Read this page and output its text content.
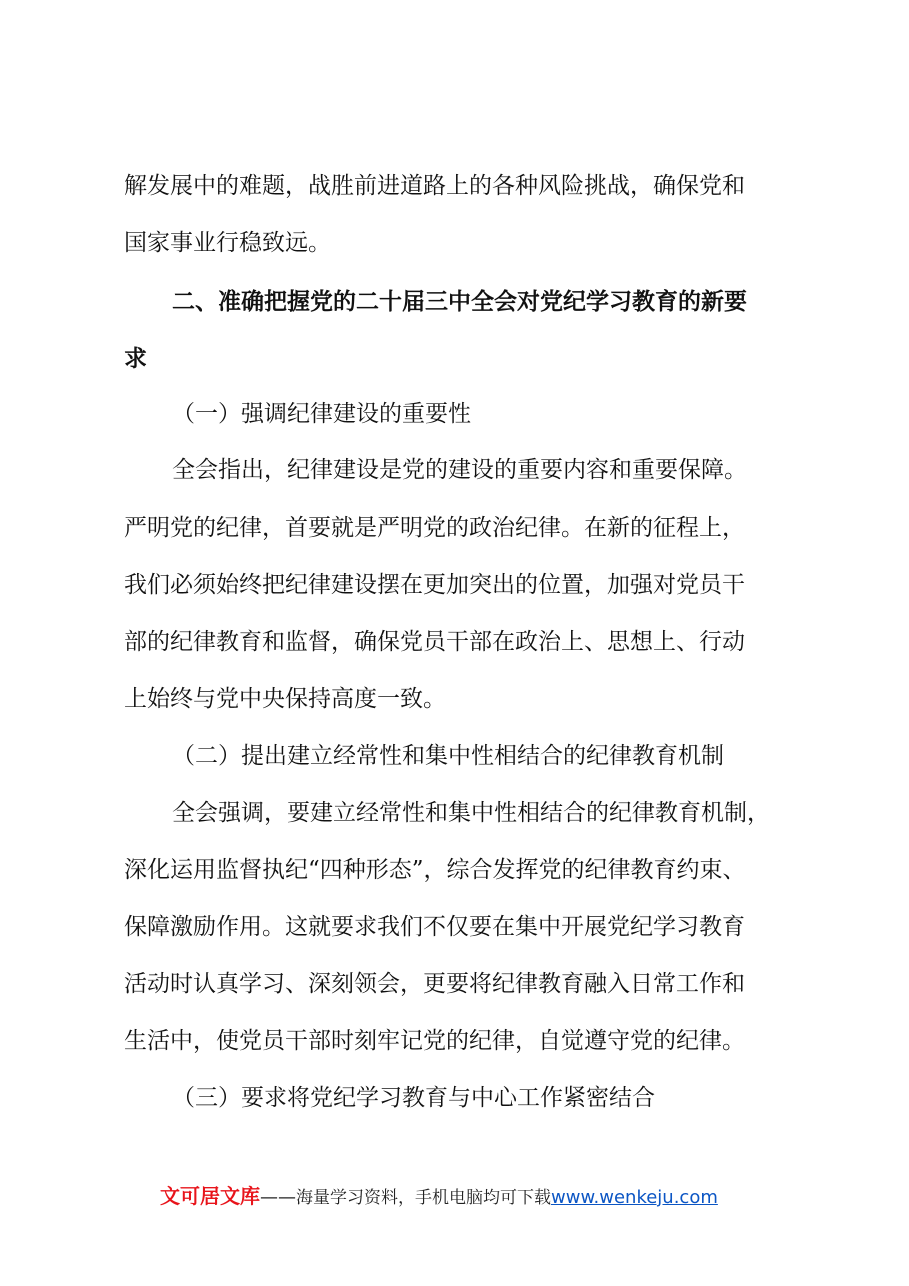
解发展中的难题，战胜前进道路上的各种风险挑战，确保党和
国家事业行稳致远。
二、准确把握党的二十届三中全会对党纪学习教育的新要
求
（一）强调纪律建设的重要性
全会指出，纪律建设是党的建设的重要内容和重要保障。
严明党的纪律，首要就是严明党的政治纪律。在新的征程上，
我们必须始终把纪律建设摆在更加突出的位置，加强对党员干
部的纪律教育和监督，确保党员干部在政治上、思想上、行动
上始终与党中央保持高度一致。
（二）提出建立经常性和集中性相结合的纪律教育机制
全会强调，要建立经常性和集中性相结合的纪律教育机制，
深化运用监督执纪“四种形态”，综合发挥党的纪律教育约束、
保障激励作用。这就要求我们不仅要在集中开展党纪学习教育
活动时认真学习、深刻领会，更要将纪律教育融入日常工作和
生活中，使党员干部时刻牢记党的纪律，自觉遵守党的纪律。
（三）要求将党纪学习教育与中心工作紧密结合
文可居文库——海量学习资料，手机电脑均可下载www.wenkeju.com
